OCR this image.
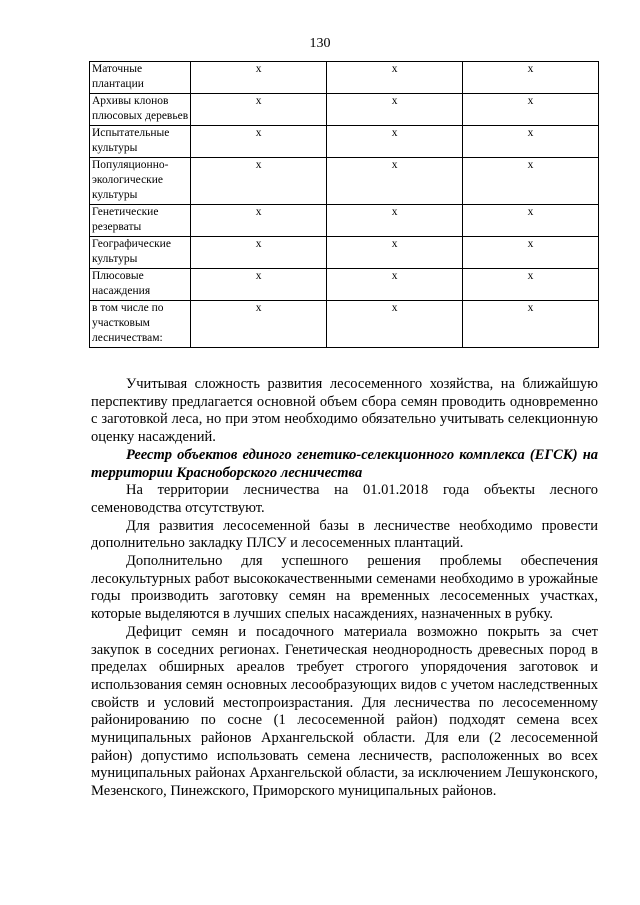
130
Маточные плантации	х	х	х
Архивы клонов плюсовых деревьев	х	х	х
Испытательные культуры	х	х	х
Популяционно-экологические культуры	х	х	х
Генетические резерваты	х	х	х
Географические культуры	х	х	х
Плюсовые насаждения	х	х	х
в том числе по участковым лесничествам:	х	х	х

Учитывая сложность развития лесосеменного хозяйства, на ближайшую перспективу предлагается основной объем сбора семян проводить одновременно с заготовкой леса, но при этом необходимо обязательно учитывать селекционную оценку насаждений.

Реестр объектов единого генетико-селекционного комплекса (ЕГСК) на территории Красноборского лесничества

На территории лесничества на 01.01.2018 года объекты лесного семеноводства отсутствуют.

Для развития лесосеменной базы в лесничестве необходимо провести дополнительно закладку ПЛСУ и лесосеменных плантаций.

Дополнительно для успешного решения проблемы обеспечения лесокультурных работ высококачественными семенами необходимо в урожайные годы производить заготовку семян на временных лесосеменных участках, которые выделяются в лучших спелых насаждениях, назначенных в рубку.

Дефицит семян и посадочного материала возможно покрыть за счет закупок в соседних регионах. Генетическая неоднородность древесных пород в пределах обширных ареалов требует строгого упорядочения заготовок и использования семян основных лесообразующих видов с учетом наследственных свойств и условий местопроизрастания. Для лесничества по лесосеменному районированию по сосне (1 лесосеменной район) подходят семена всех муниципальных районов Архангельской области. Для ели (2 лесосеменной район) допустимо использовать семена лесничеств, расположенных во всех муниципальных районах Архангельской области, за исключением Лешуконского, Мезенского, Пинежского, Приморского муниципальных районов.
